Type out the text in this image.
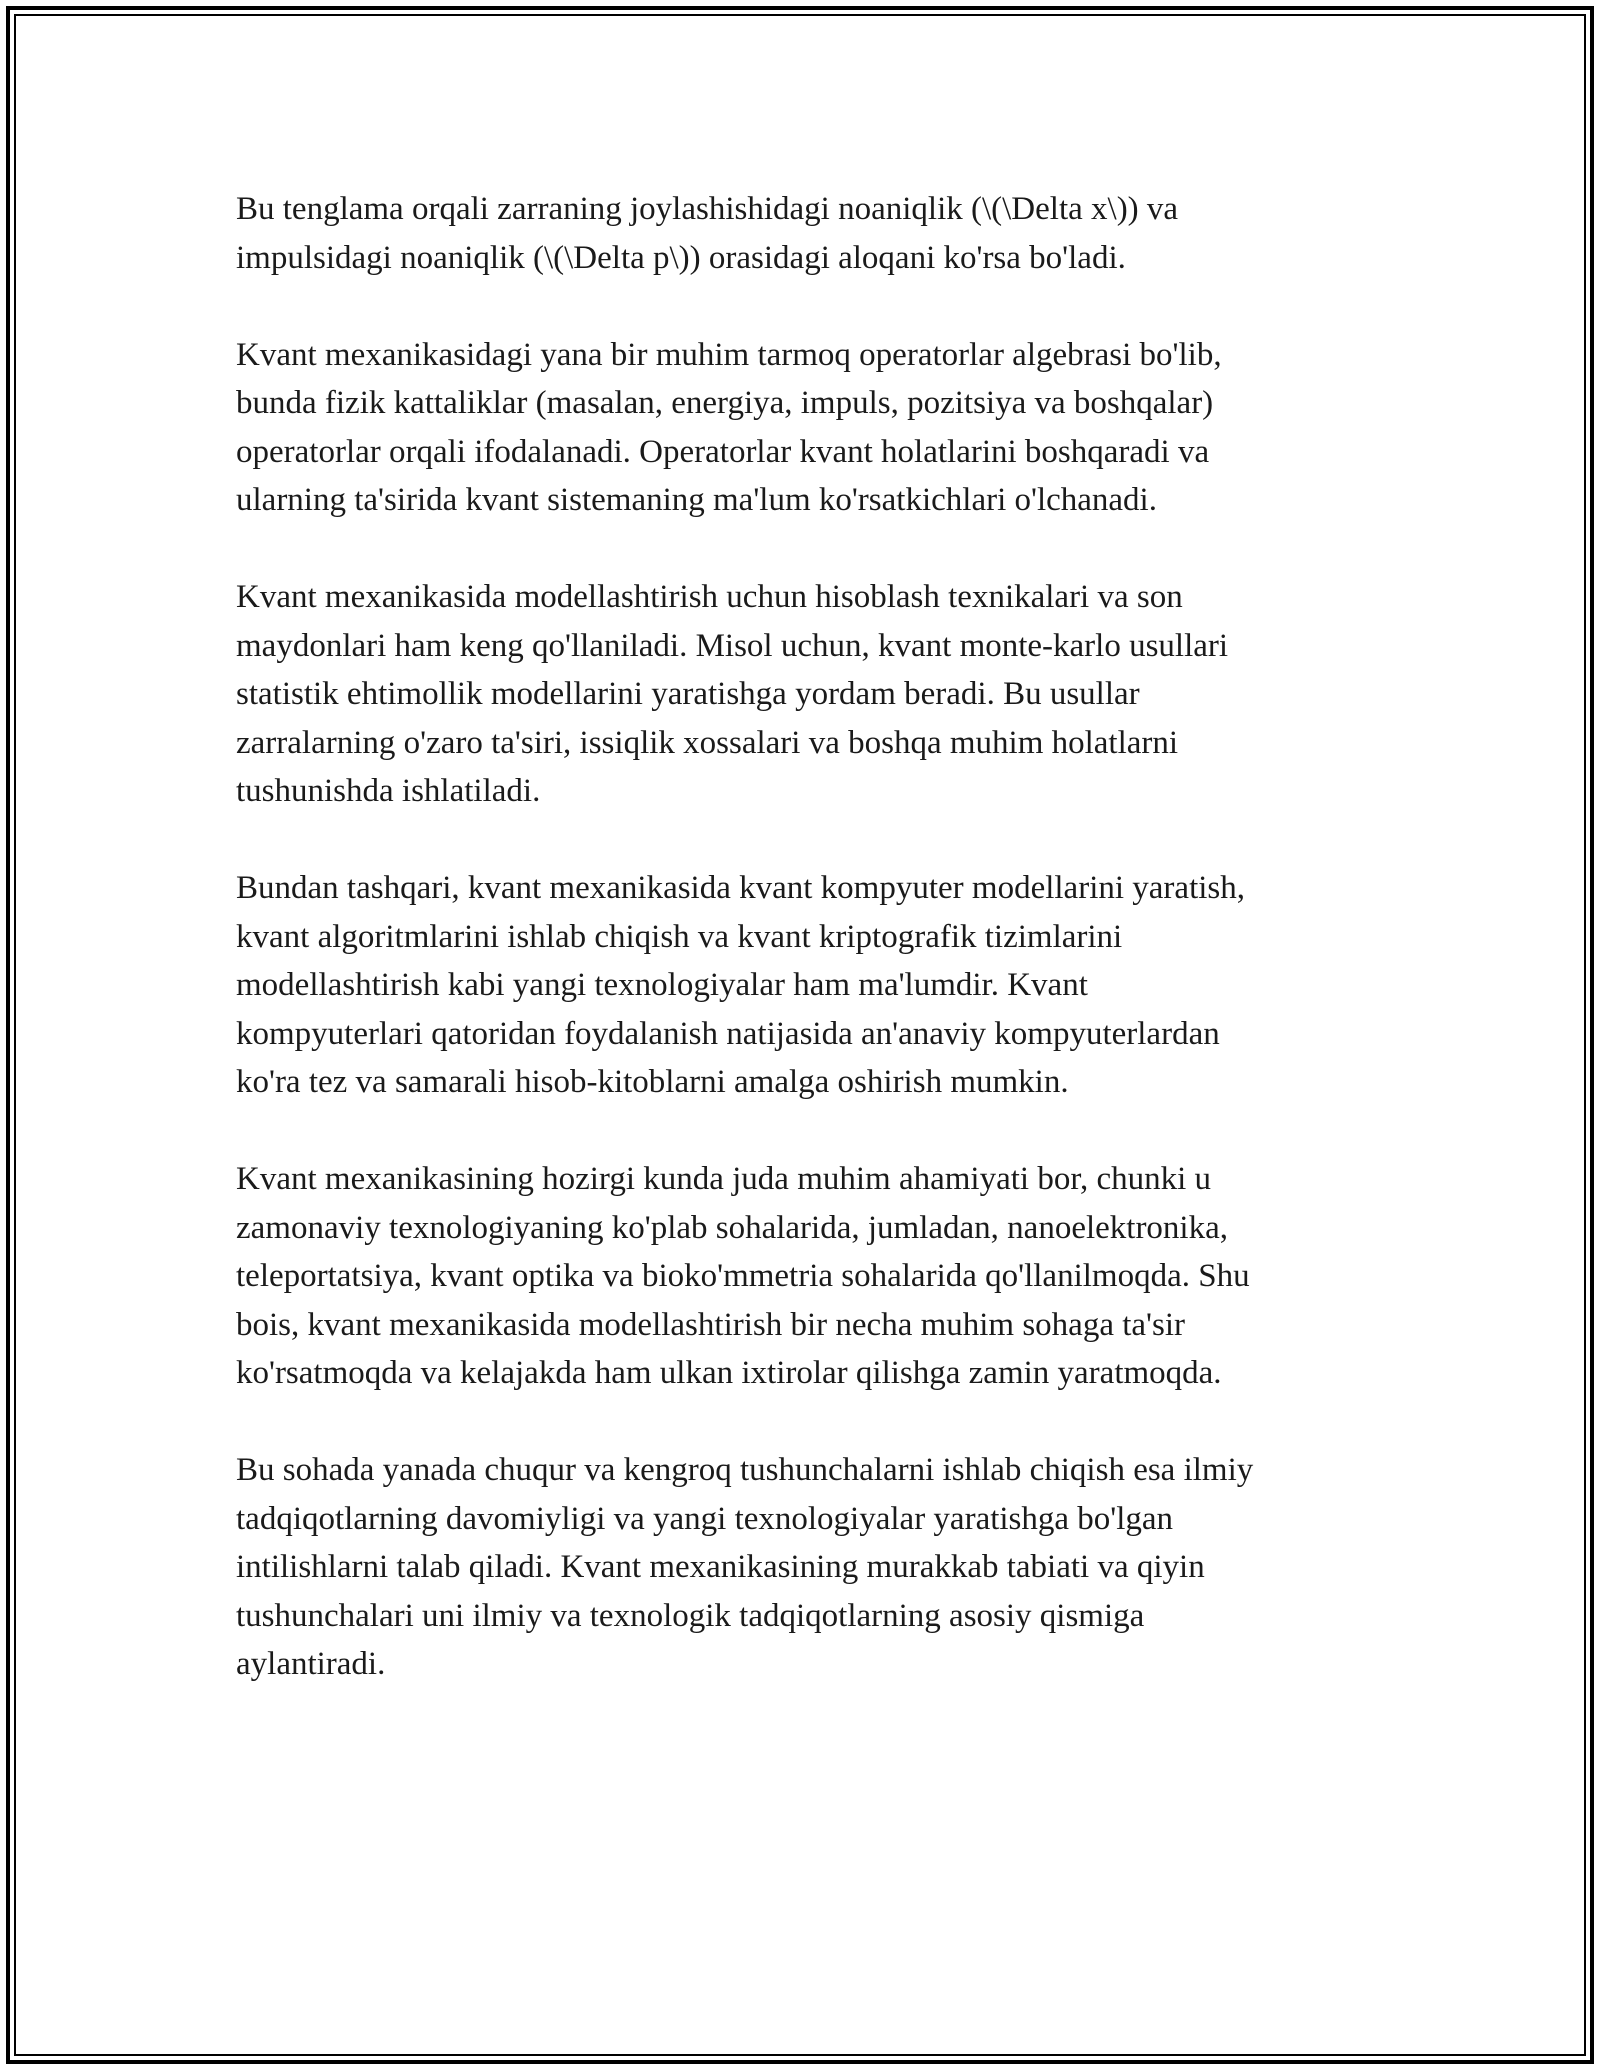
Bu tenglama orqali zarraning joylashishidagi noaniqlik (\(\Delta x\)) va
impulsidagi noaniqlik (\(\Delta p\)) orasidagi aloqani ko'rsa bo'ladi.

Kvant mexanikasidagi yana bir muhim tarmoq operatorlar algebrasi bo'lib,
bunda fizik kattaliklar (masalan, energiya, impuls, pozitsiya va boshqalar)
operatorlar orqali ifodalanadi. Operatorlar kvant holatlarini boshqaradi va
ularning ta'sirida kvant sistemaning ma'lum ko'rsatkichlari o'lchanadi.

Kvant mexanikasida modellashtirish uchun hisoblash texnikalari va son
maydonlari ham keng qo'llaniladi. Misol uchun, kvant monte-karlo usullari
statistik ehtimollik modellarini yaratishga yordam beradi. Bu usullar
zarralarning o'zaro ta'siri, issiqlik xossalari va boshqa muhim holatlarni
tushunishda ishlatiladi.

Bundan tashqari, kvant mexanikasida kvant kompyuter modellarini yaratish,
kvant algoritmlarini ishlab chiqish va kvant kriptografik tizimlarini
modellashtirish kabi yangi texnologiyalar ham ma'lumdir. Kvant
kompyuterlari qatoridan foydalanish natijasida an'anaviy kompyuterlardan
ko'ra tez va samarali hisob-kitoblarni amalga oshirish mumkin.

Kvant mexanikasining hozirgi kunda juda muhim ahamiyati bor, chunki u
zamonaviy texnologiyaning ko'plab sohalarida, jumladan, nanoelektronika,
teleportatsiya, kvant optika va bioko'mmetria sohalarida qo'llanilmoqda. Shu
bois, kvant mexanikasida modellashtirish bir necha muhim sohaga ta'sir
ko'rsatmoqda va kelajakda ham ulkan ixtirolar qilishga zamin yaratmoqda.

Bu sohada yanada chuqur va kengroq tushunchalarni ishlab chiqish esa ilmiy
tadqiqotlarning davomiyligi va yangi texnologiyalar yaratishga bo'lgan
intilishlarni talab qiladi. Kvant mexanikasining murakkab tabiati va qiyin
tushunchalari uni ilmiy va texnologik tadqiqotlarning asosiy qismiga
aylantiradi.
